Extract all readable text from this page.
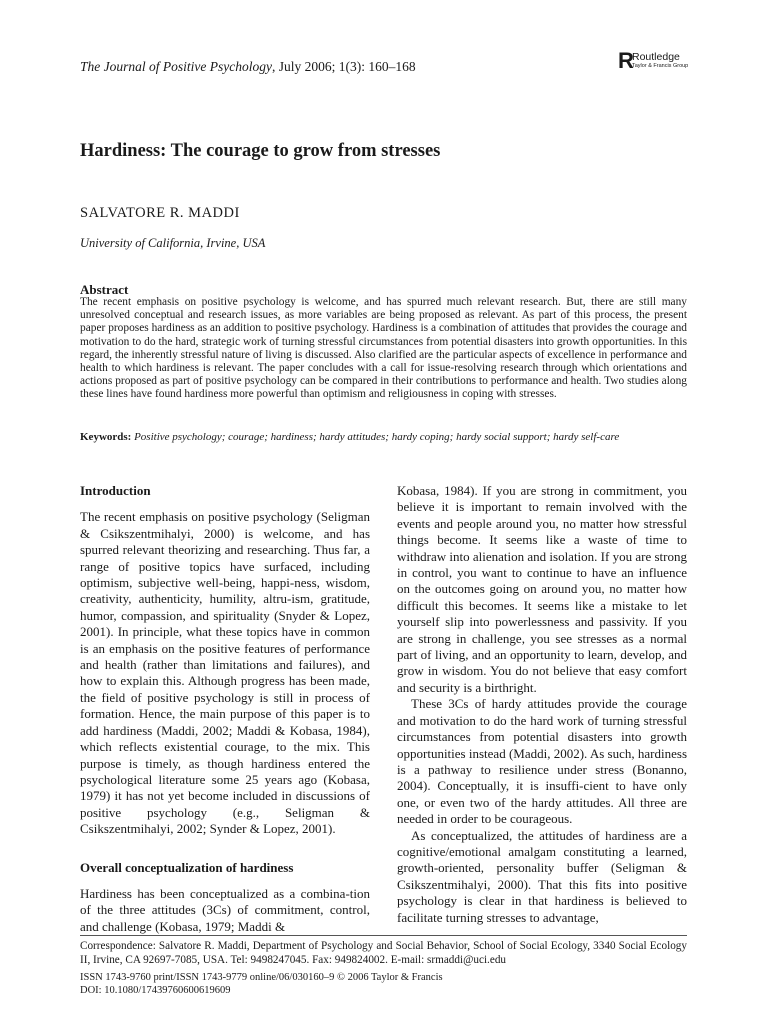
The Journal of Positive Psychology, July 2006; 1(3): 160–168	R
Routledge
Taylor & Francis Group
Hardiness: The courage to grow from stresses
SALVATORE R. MADDI
University of California, Irvine, USA
Abstract
The recent emphasis on positive psychology is welcome, and has spurred much relevant research. But, there are still many unresolved conceptual and research issues, as more variables are being proposed as relevant. As part of this process, the present paper proposes hardiness as an addition to positive psychology. Hardiness is a combination of attitudes that provides the courage and motivation to do the hard, strategic work of turning stressful circumstances from potential disasters into growth opportunities. In this regard, the inherently stressful nature of living is discussed. Also clarified are the particular aspects of excellence in performance and health to which hardiness is relevant. The paper concludes with a call for issue-resolving research through which orientations and actions proposed as part of positive psychology can be compared in their contributions to performance and health. Two studies along these lines have found hardiness more powerful than optimism and religiousness in coping with stresses.
Keywords: Positive psychology; courage; hardiness; hardy attitudes; hardy coping; hardy social support; hardy self-care
Introduction

The recent emphasis on positive psychology (Seligman & Csikszentmihalyi, 2000) is welcome, and has spurred relevant theorizing and researching. Thus far, a range of positive topics have surfaced, including optimism, subjective well-being, happi-ness, wisdom, creativity, authenticity, humility, altru-ism, gratitude, humor, compassion, and spirituality (Snyder & Lopez, 2001). In principle, what these topics have in common is an emphasis on the positive features of performance and health (rather than limitations and failures), and how to explain this. Although progress has been made, the field of positive psychology is still in process of formation. Hence, the main purpose of this paper is to add hardiness (Maddi, 2002; Maddi & Kobasa, 1984), which reflects existential courage, to the mix. This purpose is timely, as though hardiness entered the psychological literature some 25 years ago (Kobasa, 1979) it has not yet become included in discussions of positive psychology (e.g., Seligman & Csikszentmihalyi, 2002; Synder & Lopez, 2001).

Overall conceptualization of hardiness

Hardiness has been conceptualized as a combina-tion of the three attitudes (3Cs) of commitment, control, and challenge (Kobasa, 1979; Maddi &

Kobasa, 1984). If you are strong in commitment, you believe it is important to remain involved with the events and people around you, no matter how stressful things become. It seems like a waste of time to withdraw into alienation and isolation. If you are strong in control, you want to continue to have an influence on the outcomes going on around you, no matter how difficult this becomes. It seems like a mistake to let yourself slip into powerlessness and passivity. If you are strong in challenge, you see stresses as a normal part of living, and an opportunity to learn, develop, and grow in wisdom. You do not believe that easy comfort and security is a birthright.

These 3Cs of hardy attitudes provide the courage and motivation to do the hard work of turning stressful circumstances from potential disasters into growth opportunities instead (Maddi, 2002). As such, hardiness is a pathway to resilience under stress (Bonanno, 2004). Conceptually, it is insuffi-cient to have only one, or even two of the hardy attitudes. All three are needed in order to be courageous.

As conceptualized, the attitudes of hardiness are a cognitive/emotional amalgam constituting a learned, growth-oriented, personality buffer (Seligman & Csikszentmihalyi, 2000). That this fits into positive psychology is clear in that hardiness is believed to facilitate turning stresses to advantage,

Correspondence: Salvatore R. Maddi, Department of Psychology and Social Behavior, School of Social Ecology, 3340 Social Ecology II, Irvine, CA 92697-7085, USA. Tel: 9498247045. Fax: 949824002. E-mail: srmaddi@uci.edu
ISSN 1743-9760 print/ISSN 1743-9779 online/06/030160–9 © 2006 Taylor & Francis
DOI: 10.1080/17439760600619609
